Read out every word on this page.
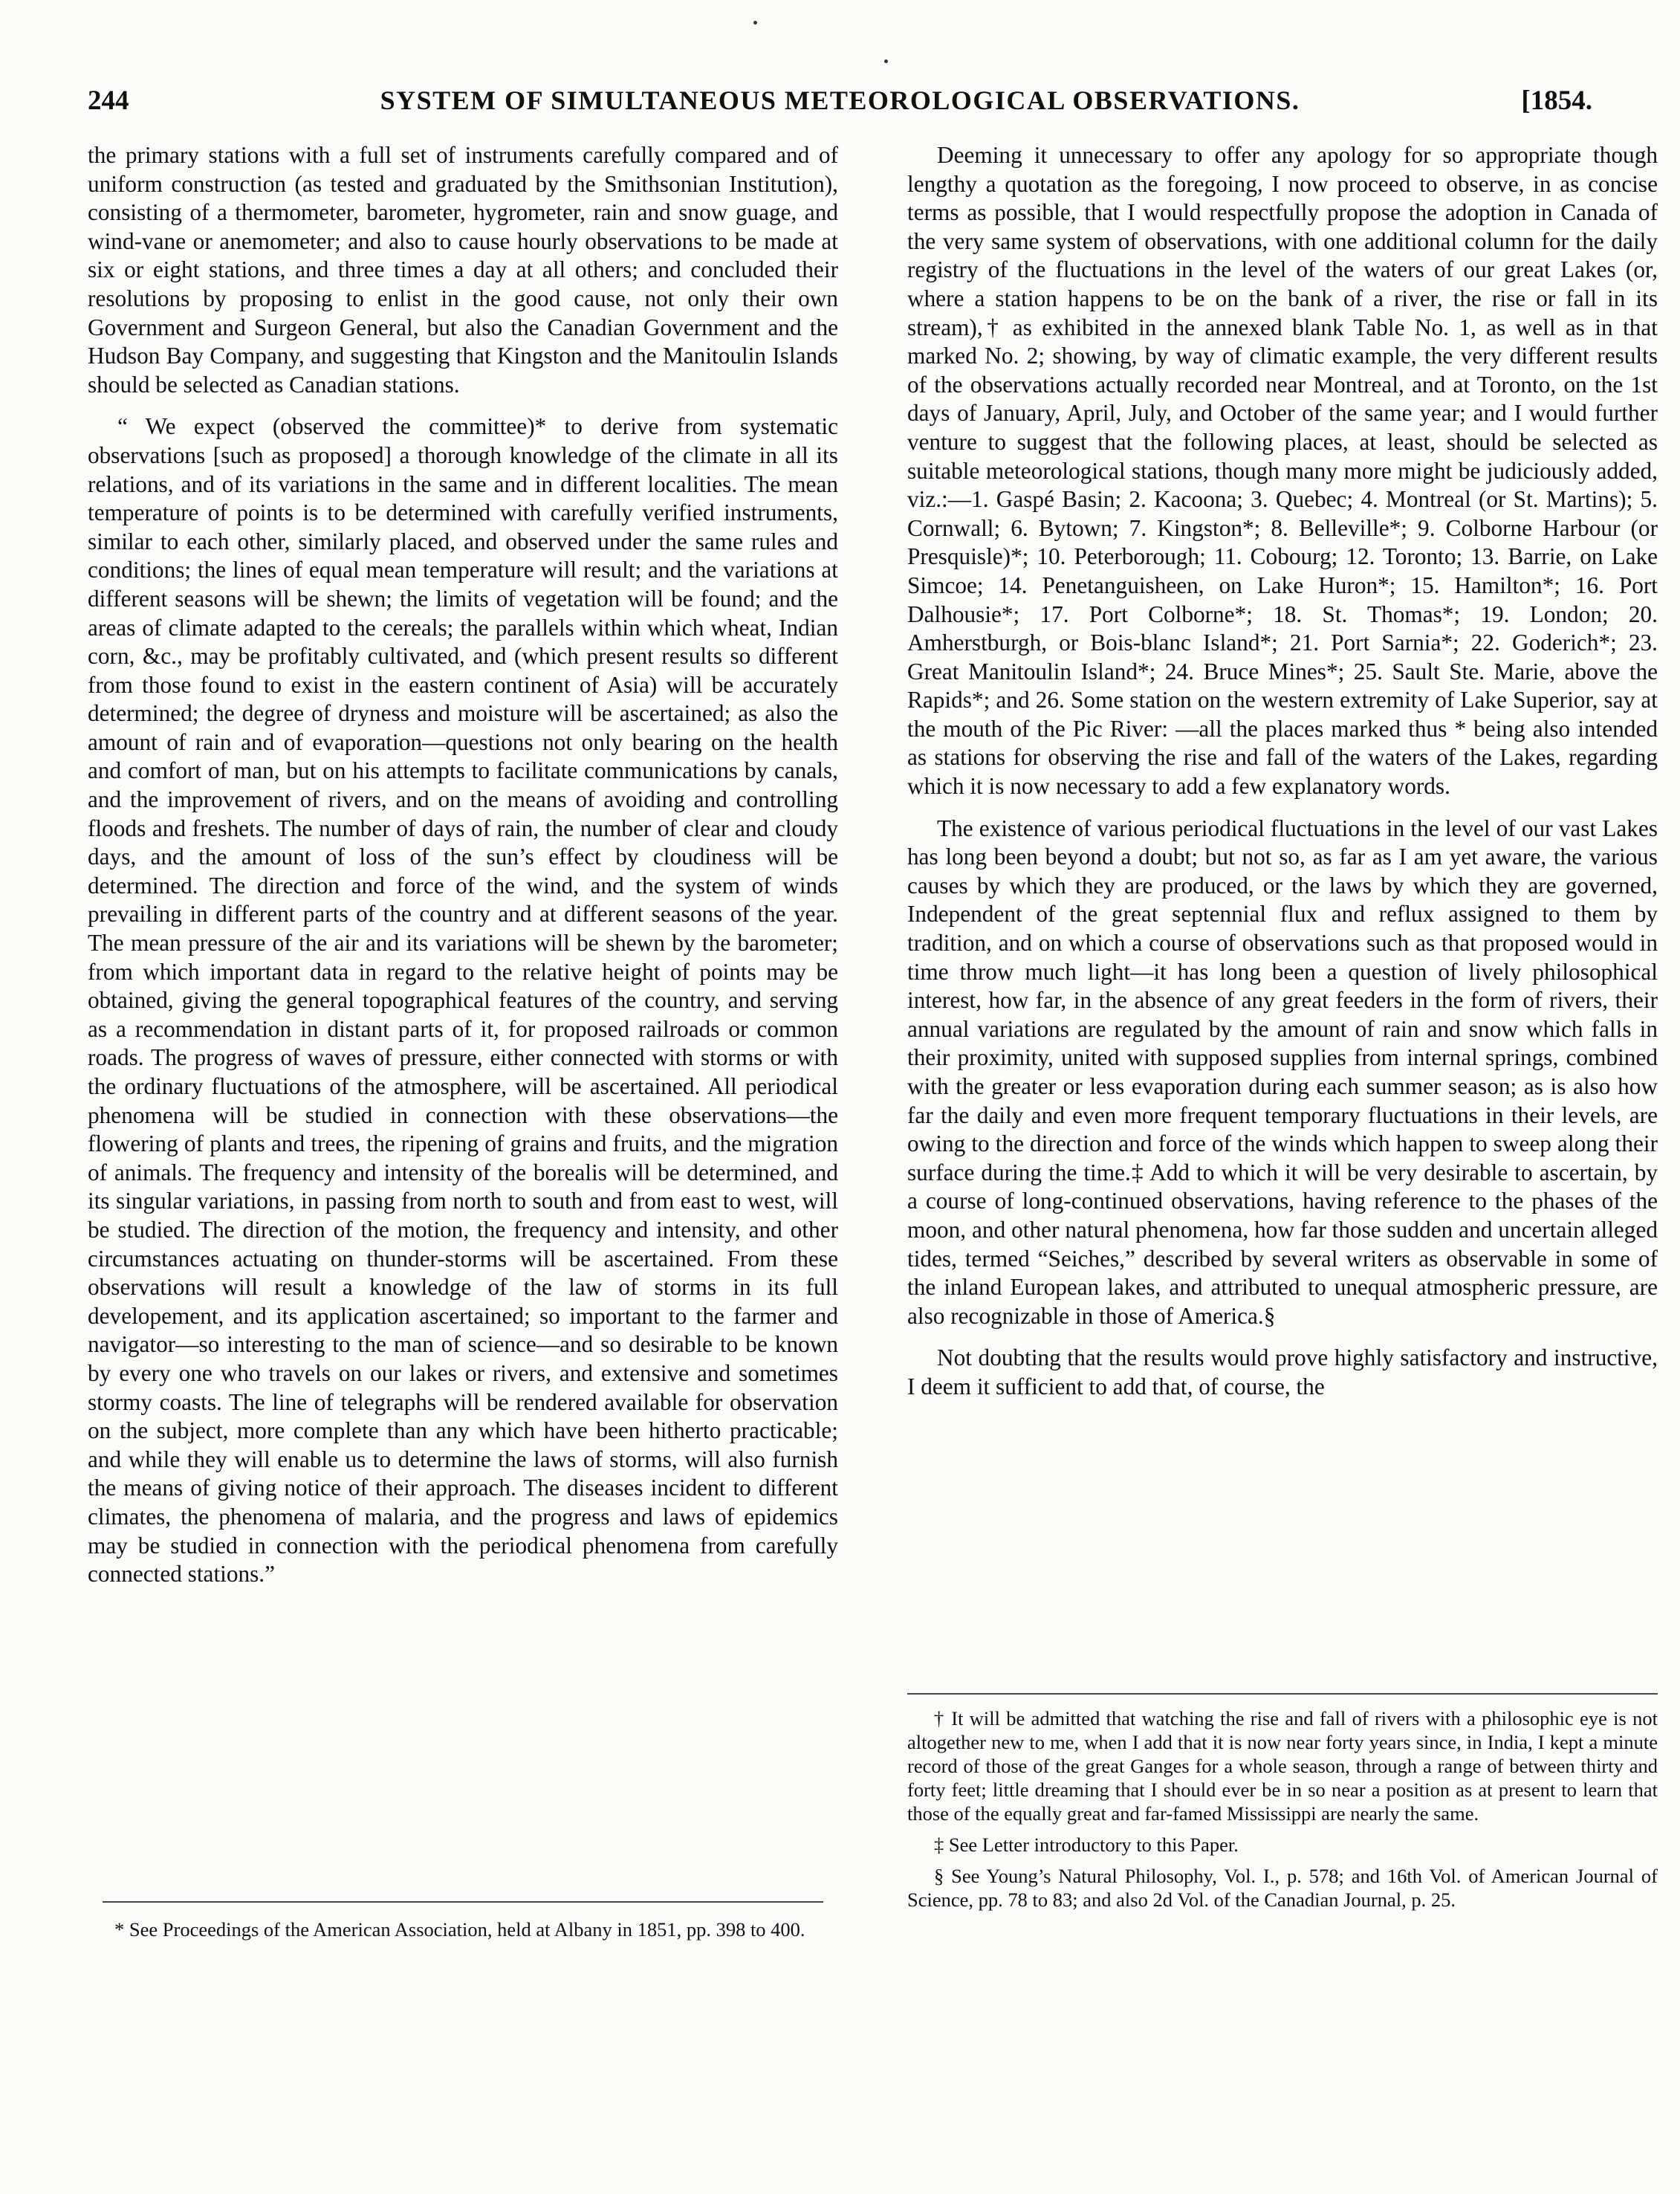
244	SYSTEM OF SIMULTANEOUS METEOROLOGICAL OBSERVATIONS.	[1854.

the primary stations with a full set of instruments carefully compared and of uniform construction (as tested and graduated by the Smithsonian Institution), consisting of a thermometer, barometer, hygrometer, rain and snow guage, and wind-vane or anemometer; and also to cause hourly observations to be made at six or eight stations, and three times a day at all others; and concluded their resolutions by proposing to enlist in the good cause, not only their own Government and Surgeon General, but also the Canadian Government and the Hudson Bay Company, and suggesting that Kingston and the Manitoulin Islands should be selected as Canadian stations.

“ We expect (observed the committee)* to derive from systematic observations [such as proposed] a thorough knowledge of the climate in all its relations, and of its variations in the same and in different localities. The mean temperature of points is to be determined with carefully verified instruments, similar to each other, similarly placed, and observed under the same rules and conditions; the lines of equal mean temperature will result; and the variations at different seasons will be shewn; the limits of vegetation will be found; and the areas of climate adapted to the cereals; the parallels within which wheat, Indian corn, &c., may be profitably cultivated, and (which present results so different from those found to exist in the eastern continent of Asia) will be accurately determined; the degree of dryness and moisture will be ascertained; as also the amount of rain and of evaporation—questions not only bearing on the health and comfort of man, but on his attempts to facilitate communications by canals, and the improvement of rivers, and on the means of avoiding and controlling floods and freshets. The number of days of rain, the number of clear and cloudy days, and the amount of loss of the sun’s effect by cloudiness will be determined. The direction and force of the wind, and the system of winds prevailing in different parts of the country and at different seasons of the year. The mean pressure of the air and its variations will be shewn by the barometer; from which important data in regard to the relative height of points may be obtained, giving the general topographical features of the country, and serving as a recommendation in distant parts of it, for proposed railroads or common roads. The progress of waves of pressure, either connected with storms or with the ordinary fluctuations of the atmosphere, will be ascertained. All periodical phenomena will be studied in connection with these observations—the flowering of plants and trees, the ripening of grains and fruits, and the migration of animals. The frequency and intensity of the borealis will be determined, and its singular variations, in passing from north to south and from east to west, will be studied. The direction of the motion, the frequency and intensity, and other circumstances actuating on thunder-storms will be ascertained. From these observations will result a knowledge of the law of storms in its full developement, and its application ascertained; so important to the farmer and navigator—so interesting to the man of science—and so desirable to be known by every one who travels on our lakes or rivers, and extensive and sometimes stormy coasts. The line of telegraphs will be rendered available for observation on the subject, more complete than any which have been hitherto practicable; and while they will enable us to determine the laws of storms, will also furnish the means of giving notice of their approach. The diseases incident to different climates, the phenomena of malaria, and the progress and laws of epidemics may be studied in connection with the periodical phenomena from carefully connected stations.”

* See Proceedings of the American Association, held at Albany in 1851, pp. 398 to 400.

Deeming it unnecessary to offer any apology for so appropriate though lengthy a quotation as the foregoing, I now proceed to observe, in as concise terms as possible, that I would respectfully propose the adoption in Canada of the very same system of observations, with one additional column for the daily registry of the fluctuations in the level of the waters of our great Lakes (or, where a station happens to be on the bank of a river, the rise or fall in its stream),† as exhibited in the annexed blank Table No. 1, as well as in that marked No. 2; showing, by way of climatic example, the very different results of the observations actually recorded near Montreal, and at Toronto, on the 1st days of January, April, July, and October of the same year; and I would further venture to suggest that the following places, at least, should be selected as suitable meteorological stations, though many more might be judiciously added, viz.:—1. Gaspé Basin; 2. Kacoona; 3. Quebec; 4. Montreal (or St. Martins); 5. Cornwall; 6. Bytown; 7. Kingston*; 8. Belleville*; 9. Colborne Harbour (or Presquisle)*; 10. Peterborough; 11. Cobourg; 12. Toronto; 13. Barrie, on Lake Simcoe; 14. Penetanguisheen, on Lake Huron*; 15. Hamilton*; 16. Port Dalhousie*; 17. Port Colborne*; 18. St. Thomas*; 19. London; 20. Amherstburgh, or Bois-blanc Island*; 21. Port Sarnia*; 22. Goderich*; 23. Great Manitoulin Island*; 24. Bruce Mines*; 25. Sault Ste. Marie, above the Rapids*; and 26. Some station on the western extremity of Lake Superior, say at the mouth of the Pic River: —all the places marked thus * being also intended as stations for observing the rise and fall of the waters of the Lakes, regarding which it is now necessary to add a few explanatory words.

The existence of various periodical fluctuations in the level of our vast Lakes has long been beyond a doubt; but not so, as far as I am yet aware, the various causes by which they are produced, or the laws by which they are governed, Independent of the great septennial flux and reflux assigned to them by tradition, and on which a course of observations such as that proposed would in time throw much light—it has long been a question of lively philosophical interest, how far, in the absence of any great feeders in the form of rivers, their annual variations are regulated by the amount of rain and snow which falls in their proximity, united with supposed supplies from internal springs, combined with the greater or less evaporation during each summer season; as is also how far the daily and even more frequent temporary fluctuations in their levels, are owing to the direction and force of the winds which happen to sweep along their surface during the time.‡ Add to which it will be very desirable to ascertain, by a course of long-continued observations, having reference to the phases of the moon, and other natural phenomena, how far those sudden and uncertain alleged tides, termed “Seiches,” described by several writers as observable in some of the inland European lakes, and attributed to unequal atmospheric pressure, are also recognizable in those of America.§

Not doubting that the results would prove highly satisfactory and instructive, I deem it sufficient to add that, of course, the

† It will be admitted that watching the rise and fall of rivers with a philosophic eye is not altogether new to me, when I add that it is now near forty years since, in India, I kept a minute record of those of the great Ganges for a whole season, through a range of between thirty and forty feet; little dreaming that I should ever be in so near a position as at present to learn that those of the equally great and far-famed Mississippi are nearly the same.

‡ See Letter introductory to this Paper.

§ See Young’s Natural Philosophy, Vol. I., p. 578; and 16th Vol. of American Journal of Science, pp. 78 to 83; and also 2d Vol. of the Canadian Journal, p. 25.
